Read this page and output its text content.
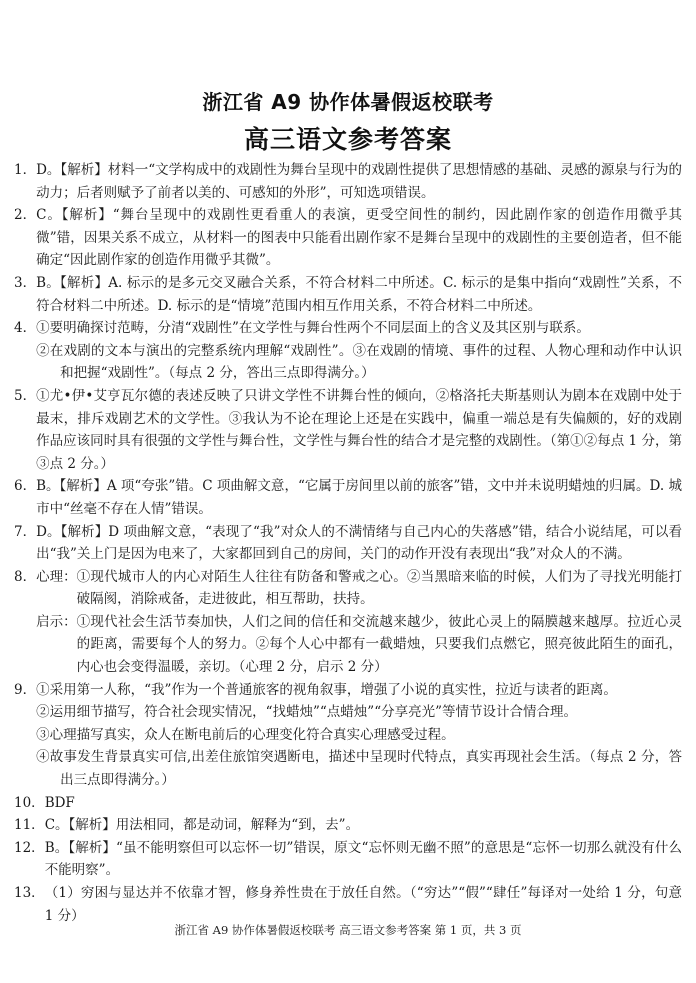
浙江省 A9 协作体暑假返校联考
高三语文参考答案
1． D。【解析】材料一“文学构成中的戏剧性为舞台呈现中的戏剧性提供了思想情感的基础、灵感的源泉与行为的动力；后者则赋予了前者以美的、可感知的外形”，可知选项错误。
2． C。【解析】“舞台呈现中的戏剧性更看重人的表演，更受空间性的制约，因此剧作家的创造作用微乎其微”错，因果关系不成立，从材料一的图表中只能看出剧作家不是舞台呈现中的戏剧性的主要创造者，但不能确定“因此剧作家的创造作用微乎其微”。
3． B。【解析】A. 标示的是多元交叉融合关系，不符合材料二中所述。C. 标示的是集中指向“戏剧性”关系，不符合材料二中所述。D. 标示的是“情境”范围内相互作用关系，不符合材料二中所述。
4． ①要明确探讨范畴，分清“戏剧性”在文学性与舞台性两个不同层面上的含义及其区别与联系。
②在戏剧的文本与演出的完整系统内理解“戏剧性”。③在戏剧的情境、事件的过程、人物心理和动作中认识和把握“戏剧性”。（每点 2 分，答出三点即得满分。）
5． ①尤•伊•艾亨瓦尔德的表述反映了只讲文学性不讲舞台性的倾向，②格洛托夫斯基则认为剧本在戏剧中处于最末，排斥戏剧艺术的文学性。③我认为不论在理论上还是在实践中，偏重一端总是有失偏颇的，好的戏剧作品应该同时具有很强的文学性与舞台性，文学性与舞台性的结合才是完整的戏剧性。（第①②每点 1 分，第③点 2 分。）
6． B。【解析】A 项“夸张”错。C 项曲解文意，“它属于房间里以前的旅客”错，文中并未说明蜡烛的归属。D. 城市中“丝毫不存在人情”错误。
7． D。【解析】D 项曲解文意，“表现了“我”对众人的不满情绪与自己内心的失落感”错，结合小说结尾，可以看出“我”关上门是因为电来了，大家都回到自己的房间，关门的动作开没有表现出“我”对众人的不满。
8． 心理： ①现代城市人的内心对陌生人往往有防备和警戒之心。②当黑暗来临的时候，人们为了寻找光明能打破隔阂，消除戒备，走进彼此，相互帮助，扶持。
启示： ①现代社会生活节奏加快，人们之间的信任和交流越来越少，彼此心灵上的隔膜越来越厚。拉近心灵的距离，需要每个人的努力。②每个人心中都有一截蜡烛，只要我们点燃它，照亮彼此陌生的面孔，内心也会变得温暖，亲切。（心理 2 分，启示 2 分）
9． ①采用第一人称，“我”作为一个普通旅客的视角叙事，增强了小说的真实性，拉近与读者的距离。
②运用细节描写，符合社会现实情况，“找蜡烛”“点蜡烛”“分享亮光”等情节设计合情合理。
③心理描写真实，众人在断电前后的心理变化符合真实心理感受过程。
④故事发生背景真实可信,出差住旅馆突遇断电，描述中呈现时代特点，真实再现社会生活。（每点 2 分，答出三点即得满分。）
10． BDF
11． C。【解析】用法相同，都是动词，解释为“到，去”。
12． B。【解析】“虽不能明察但可以忘怀一切”错误，原文“忘怀则无幽不照”的意思是“忘怀一切那么就没有什么不能明察”。
13． （1）穷困与显达并不依靠才智，修身养性贵在于放任自然。（“穷达”“假”“肆任”每译对一处给 1 分，句意 1 分）
浙江省 A9 协作体暑假返校联考 高三语文参考答案 第 1 页，共 3 页
